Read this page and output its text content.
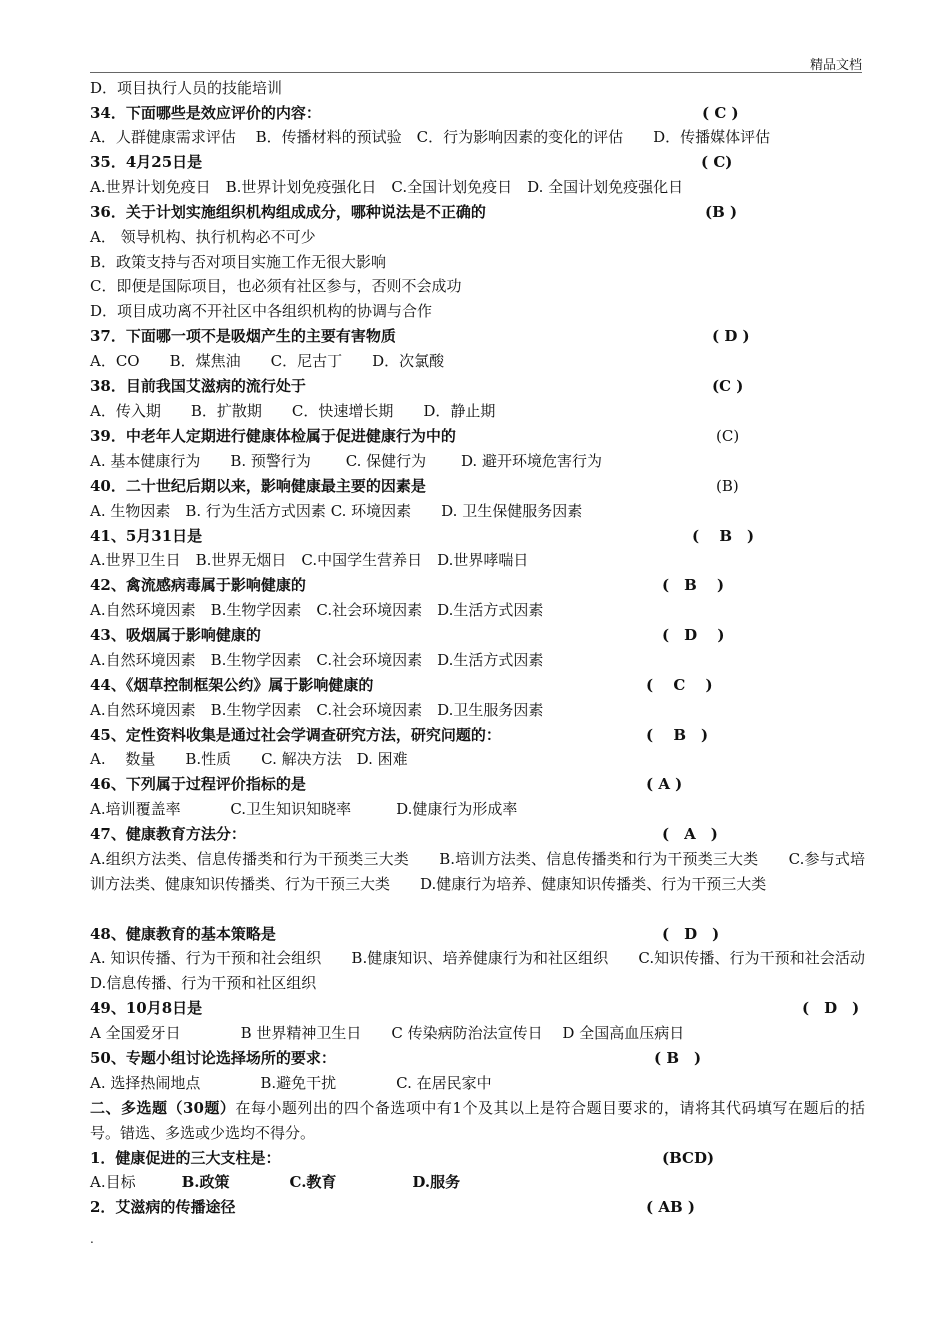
精品文档
D．项目执行人员的技能培训
34．下面哪些是效应评价的内容：	( C )
A．人群健康需求评估　 B．传播材料的预试验　C．行为影响因素的变化的评估　　D．传播媒体评估
35．4月25日是	( C)
A.世界计划免疫日　B.世界计划免疫强化日　C.全国计划免疫日　D. 全国计划免疫强化日
36．关于计划实施组织机构组成成分，哪种说法是不正确的	(B )
A． 领导机构、执行机构必不可少
B．政策支持与否对项目实施工作无很大影响
C．即便是国际项目，也必须有社区参与，否则不会成功
D．项目成功离不开社区中各组织机构的协调与合作
37．下面哪一项不是吸烟产生的主要有害物质	( D )
A．CO　　B．煤焦油　　C．尼古丁　　D．次氯酸
38．目前我国艾滋病的流行处于	(C )
A．传入期　　B．扩散期　　C．快速增长期　　D．静止期
39．中老年人定期进行健康体检属于促进健康行为中的	(C)
A. 基本健康行为　　B. 预警行为　　 C. 保健行为　　 D. 避开环境危害行为
40．二十世纪后期以来，影响健康最主要的因素是	(B)
A. 生物因素　B. 行为生活方式因素 C. 环境因素　　D. 卫生保健服务因素
41、5月31日是	(　 B　)
A.世界卫生日　B.世界无烟日　C.中国学生营养日　D.世界哮喘日
42、禽流感病毒属于影响健康的	(　B　 )
A.自然环境因素　B.生物学因素　C.社会环境因素　D.生活方式因素
43、吸烟属于影响健康的	(　D　 )
A.自然环境因素　B.生物学因素　C.社会环境因素　D.生活方式因素
44、《烟草控制框架公约》属于影响健康的	(　 C　 )
A.自然环境因素　B.生物学因素　C.社会环境因素　D.卫生服务因素
45、定性资料收集是通过社会学调查研究方法，研究问题的：	(　 B　)
A.　 数量　　B.性质　　C. 解决方法　D. 困难
46、下列属于过程评价指标的是	( A )
A.培训覆盖率　　　 C.卫生知识知晓率　　　D.健康行为形成率
47、健康教育方法分：	(　A　)
A.组织方法类、信息传播类和行为干预类三大类　　B.培训方法类、信息传播类和行为干预类三大类　　C.参与式培训方法类、健康知识传播类、行为干预三大类　　D.健康行为培养、健康知识传播类、行为干预三大类
48、健康教育的基本策略是	(　D　)
A. 知识传播、行为干预和社会组织　　B.健康知识、培养健康行为和社区组织　　C.知识传播、行为干预和社会活动　　D.信息传播、行为干预和社区组织
49、10月8日是	(　D　)
A 全国爱牙日　　　　B 世界精神卫生日　　C 传染病防治法宣传日　 D 全国高血压病日
50、专题小组讨论选择场所的要求：	( B　)
A. 选择热闹地点　　　　B.避免干扰　　　　C. 在居民家中
二、多选题（30题）在每小题列出的四个备选项中有1个及其以上是符合题目要求的，请将其代码填写在题后的括号。错选、多选或少选均不得分。
1．健康促进的三大支柱是：	(BCD)
A.目标	B.政策	C.教育	D.服务
2．艾滋病的传播途径	( AB )
.
